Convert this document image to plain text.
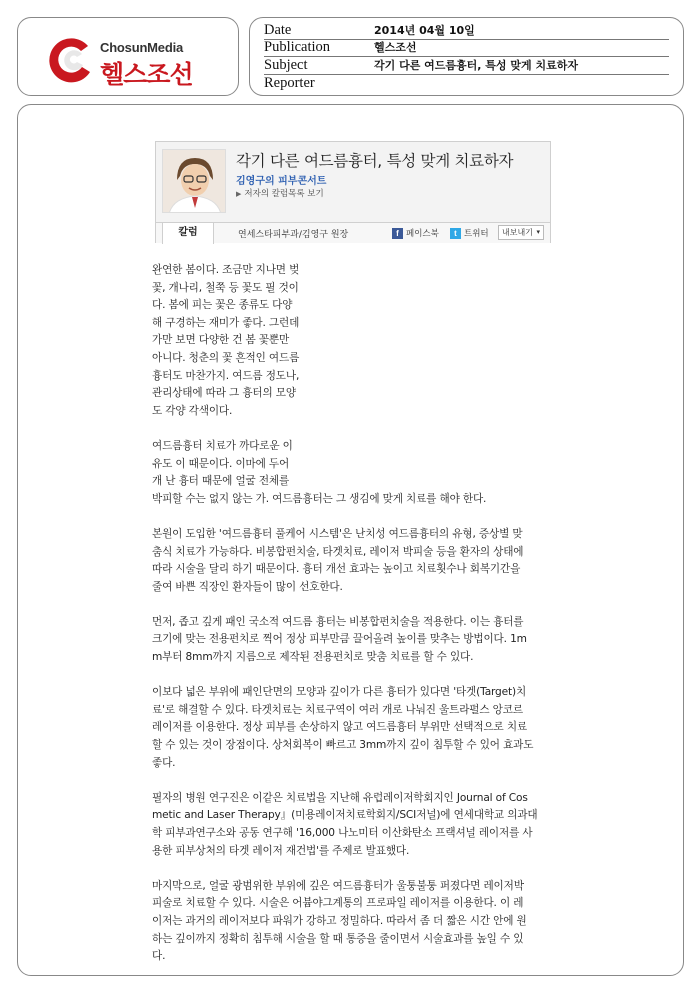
ChosunMedia
헬스조선
Date	2014년 04월 10일
Publication	헬스조선
Subject	각기 다른 여드름흉터, 특성 맞게 치료하자
Reporter
각기 다른 여드름흉터, 특성 맞게 치료하자
김영구의 피부콘서트
▶ 저자의 칼럼목록 보기
칼럼	연세스타피부과/김영구 원장	f 페이스북	t 트위터	내보내기 ▾
완연한 봄이다. 조금만 지나면 벚
꽃, 개나리, 철쭉 등 꽃도 필 것이
다. 봄에 피는 꽃은 종류도 다양
해 구경하는 재미가 좋다. 그런데
가만 보면 다양한 건 봄 꽃뿐만
아니다. 청춘의 꽃 흔적인 여드름
흉터도 마찬가지. 여드름 정도나,
관리상태에 따라 그 흉터의 모양
도 각양 각색이다.
여드름흉터 치료가 까다로운 이
유도 이 때문이다. 이마에 두어
개 난 흉터 때문에 얼굴 전체를
박피할 수는 없지 않는 가. 여드름흉터는 그 생김에 맞게 치료를 해야 한다.
본원이 도입한 '여드름흉터 풀케어 시스템'은 난치성 여드름흉터의 유형, 증상별 맞
춤식 치료가 가능하다. 비봉합펀치술, 타겟치료, 레이저 박피술 등을 환자의 상태에
따라 시술을 달리 하기 때문이다. 흉터 개선 효과는 높이고 치료횟수나 회복기간을
줄여 바쁜 직장인 환자들이 많이 선호한다.
먼저, 좁고 깊게 패인 국소적 여드름 흉터는 비봉합펀치술을 적용한다. 이는 흉터를
크기에 맞는 전용펀치로 찍어 정상 피부만큼 끌어올려 높이를 맞추는 방법이다. 1m
m부터 8mm까지 지름으로 제작된 전용펀치로 맞춤 치료를 할 수 있다.
이보다 넓은 부위에 패인단면의 모양과 깊이가 다른 흉터가 있다면 '타겟(Target)치
료'로 해결할 수 있다. 타겟치료는 치료구역이 여러 개로 나눠진 울트라펄스 앙코르
레이저를 이용한다. 정상 피부를 손상하지 않고 여드름흉터 부위만 선택적으로 치료
할 수 있는 것이 장점이다. 상처회복이 빠르고 3mm까지 깊이 침투할 수 있어 효과도
좋다.
필자의 병원 연구진은 이같은 치료법을 지난해 유럽레이저학회지인 Journal of Cos
metic and Laser Therapy』(미용레이저치료학회지/SCI저널)에 연세대학교 의과대
학 피부과연구소와 공동 연구해 '16,000 나노미터 이산화탄소 프랙셔널 레이저를 사
용한 피부상처의 타겟 레이저 재건법'를 주제로 발표했다.
마지막으로, 얼굴 광범위한 부위에 깊은 여드름흉터가 울퉁불퉁 퍼졌다면 레이저박
피술로 치료할 수 있다. 시술은 어븀야그계통의 프로파일 레이저를 이용한다. 이 레
이저는 과거의 레이저보다 파워가 강하고 정밀하다. 따라서 좀 더 짧은 시간 안에 원
하는 깊이까지 정확히 침투해 시술을 할 때 통증을 줄이면서 시술효과를 높일 수 있
다.
